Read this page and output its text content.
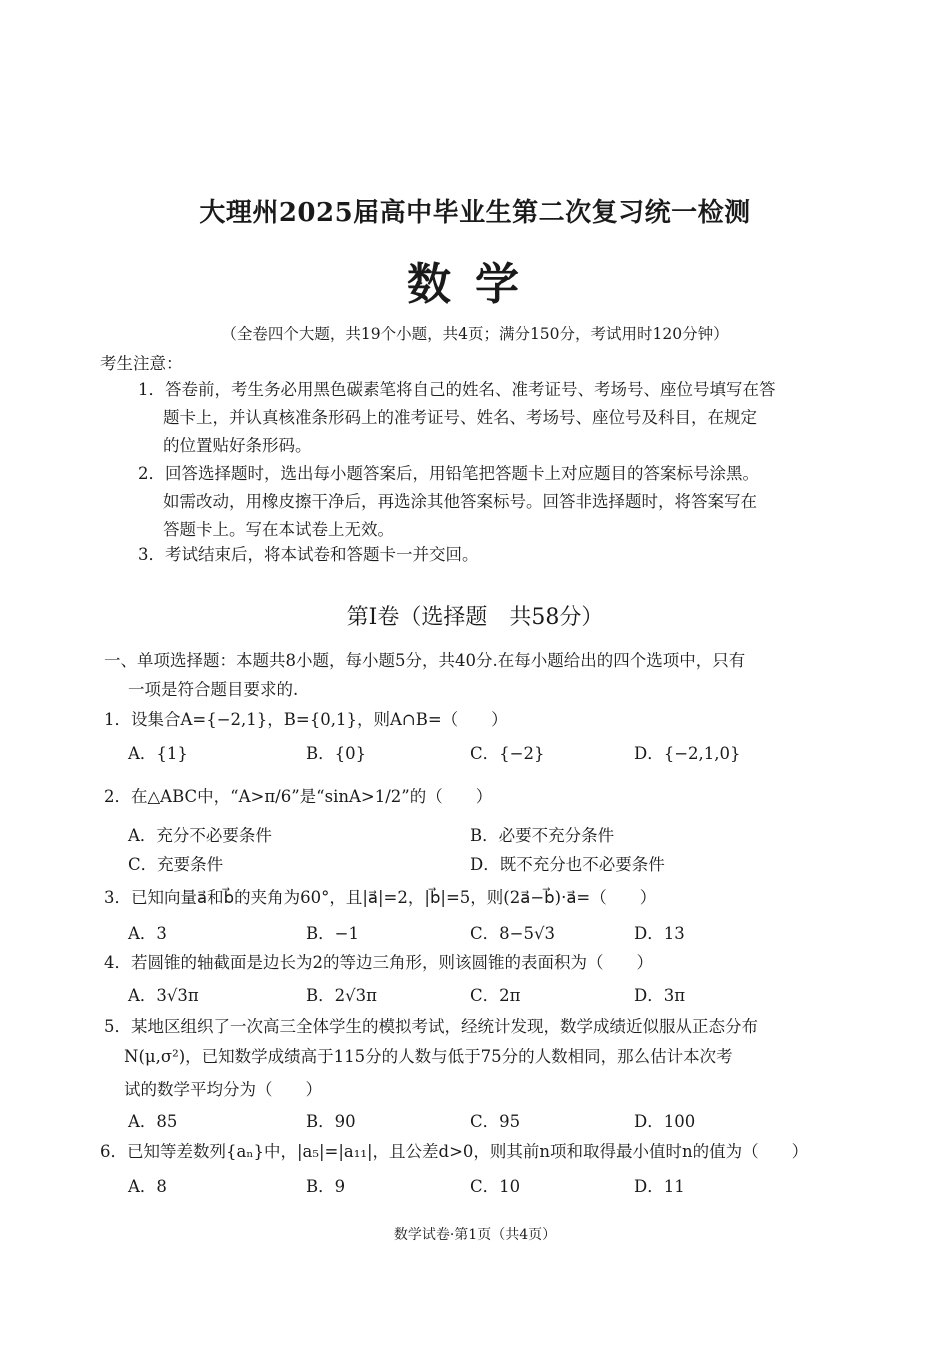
大理州2025届高中毕业生第二次复习统一检测
数学
（全卷四个大题，共19个小题，共4页；满分150分，考试用时120分钟）
考生注意：
1．答卷前，考生务必用黑色碳素笔将自己的姓名、准考证号、考场号、座位号填写在答
题卡上，并认真核准条形码上的准考证号、姓名、考场号、座位号及科目，在规定
的位置贴好条形码。
2．回答选择题时，选出每小题答案后，用铅笔把答题卡上对应题目的答案标号涂黑。
如需改动，用橡皮擦干净后，再选涂其他答案标号。回答非选择题时，将答案写在
答题卡上。写在本试卷上无效。
3．考试结束后，将本试卷和答题卡一并交回。
第Ⅰ卷（选择题　共58分）
一、单项选择题：本题共8小题，每小题5分，共40分.在每小题给出的四个选项中，只有
一项是符合题目要求的.
1．设集合A={−2,1}，B={0,1}，则A∩B=（　　）
A．{1}	B．{0}	C．{−2}	D．{−2,1,0}
2．在△ABC中，“A>π/6”是“sinA>1/2”的（　　）
A．充分不必要条件	B．必要不充分条件
C．充要条件	D．既不充分也不必要条件
3．已知向量a⃗和b⃗的夹角为60°，且|a⃗|=2，|b⃗|=5，则(2a⃗−b⃗)·a⃗=（　　）
A．3	B．−1	C．8−5√3	D．13
4．若圆锥的轴截面是边长为2的等边三角形，则该圆锥的表面积为（　　）
A．3√3π	B．2√3π	C．2π	D．3π
5．某地区组织了一次高三全体学生的模拟考试，经统计发现，数学成绩近似服从正态分布
N(μ,σ²)，已知数学成绩高于115分的人数与低于75分的人数相同，那么估计本次考
试的数学平均分为（　　）
A．85	B．90	C．95	D．100
6．已知等差数列{aₙ}中，|a₅|=|a₁₁|，且公差d>0，则其前n项和取得最小值时n的值为（　　）
A．8	B．9	C．10	D．11
数学试卷·第1页（共4页）
